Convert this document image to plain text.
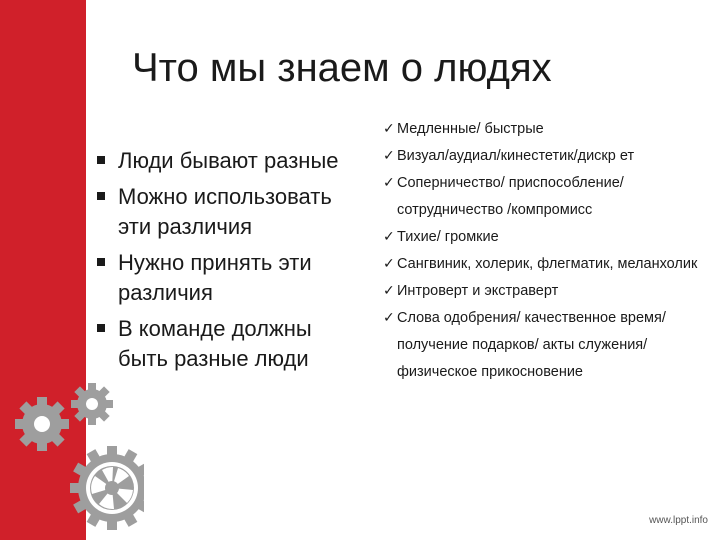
Что мы знаем о людях
Люди бывают разные
Можно использовать эти различия
Нужно принять эти различия
В команде должны быть разные люди
✓ Медленные/ быстрые
✓ Визуал/аудиал/кинестетик/дискр ет
✓ Соперничество/ приспособление/сотрудничество /компромисс
✓ Тихие/ громкие
✓ Сангвиник, холерик, флегматик, меланхолик
✓ Интроверт и экстраверт
✓ Слова одобрения/ качественное время/ получение подарков/ акты служения/ физическое прикосновение
www.lppt.info
